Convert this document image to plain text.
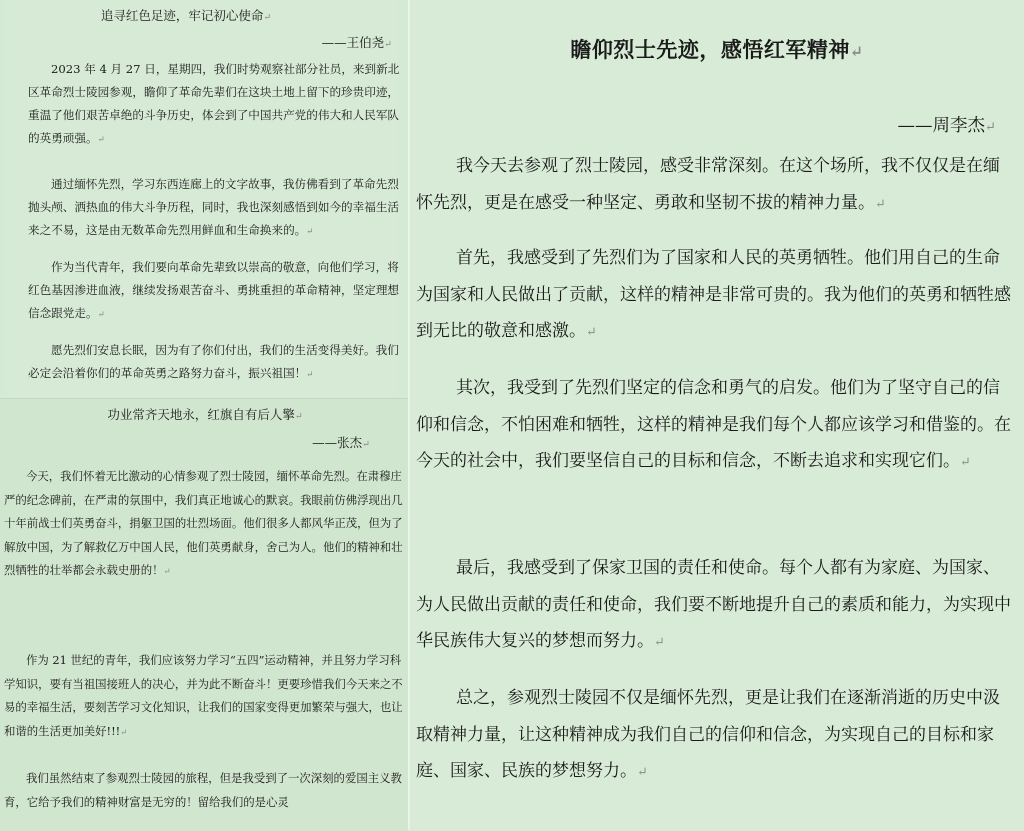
追寻红色足迹，牢记初心使命↵
——王伯尧↵

2023 年 4 月 27 日，星期四，我们时势观察社部分社员，来到新北区革命烈士陵园参观，瞻仰了革命先辈们在这块土地上留下的珍贵印迹，重温了他们艰苦卓绝的斗争历史，体会到了中国共产党的伟大和人民军队的英勇顽强。↵

通过缅怀先烈，学习东西连廊上的文字故事，我仿佛看到了革命先烈抛头颅、洒热血的伟大斗争历程，同时，我也深刻感悟到如今的幸福生活来之不易，这是由无数革命先烈用鲜血和生命换来的。↵

作为当代青年，我们要向革命先辈致以崇高的敬意，向他们学习，将红色基因渗进血液，继续发扬艰苦奋斗、勇挑重担的革命精神，坚定理想信念跟党走。↵

愿先烈们安息长眠，因为有了你们付出，我们的生活变得美好。我们必定会沿着你们的革命英勇之路努力奋斗，振兴祖国！↵

功业常齐天地永，红旗自有后人擎↵
——张杰↵

今天，我们怀着无比激动的心情参观了烈士陵园，缅怀革命先烈。在肃穆庄严的纪念碑前，在严肃的氛围中，我们真正地诚心的默哀。我眼前仿佛浮现出几十年前战士们英勇奋斗，捐躯卫国的壮烈场面。他们很多人都风华正茂，但为了解放中国，为了解救亿万中国人民，他们英勇献身，舍己为人。他们的精神和壮烈牺牲的壮举都会永载史册的！↵

作为 21 世纪的青年，我们应该努力学习“五四”运动精神，并且努力学习科学知识，要有当祖国接班人的决心，并为此不断奋斗！更要珍惜我们今天来之不易的幸福生活，要刻苦学习文化知识，让我们的国家变得更加繁荣与强大，也让和谐的生活更加美好!!!↵

我们虽然结束了参观烈士陵园的旅程，但是我受到了一次深刻的爱国主义教育，它给予我们的精神财富是无穷的！留给我们的是心灵

瞻仰烈士先迹，感悟红军精神↵
——周李杰↵

我今天去参观了烈士陵园，感受非常深刻。在这个场所，我不仅仅是在缅怀先烈，更是在感受一种坚定、勇敢和坚韧不拔的精神力量。↵

首先，我感受到了先烈们为了国家和人民的英勇牺牲。他们用自己的生命为国家和人民做出了贡献，这样的精神是非常可贵的。我为他们的英勇和牺牲感到无比的敬意和感激。↵

其次，我受到了先烈们坚定的信念和勇气的启发。他们为了坚守自己的信仰和信念，不怕困难和牺牲，这样的精神是我们每个人都应该学习和借鉴的。在今天的社会中，我们要坚信自己的目标和信念，不断去追求和实现它们。↵

最后，我感受到了保家卫国的责任和使命。每个人都有为家庭、为国家、为人民做出贡献的责任和使命，我们要不断地提升自己的素质和能力，为实现中华民族伟大复兴的梦想而努力。↵

总之，参观烈士陵园不仅是缅怀先烈，更是让我们在逐渐消逝的历史中汲取精神力量，让这种精神成为我们自己的信仰和信念，为实现自己的目标和家庭、国家、民族的梦想努力。↵
